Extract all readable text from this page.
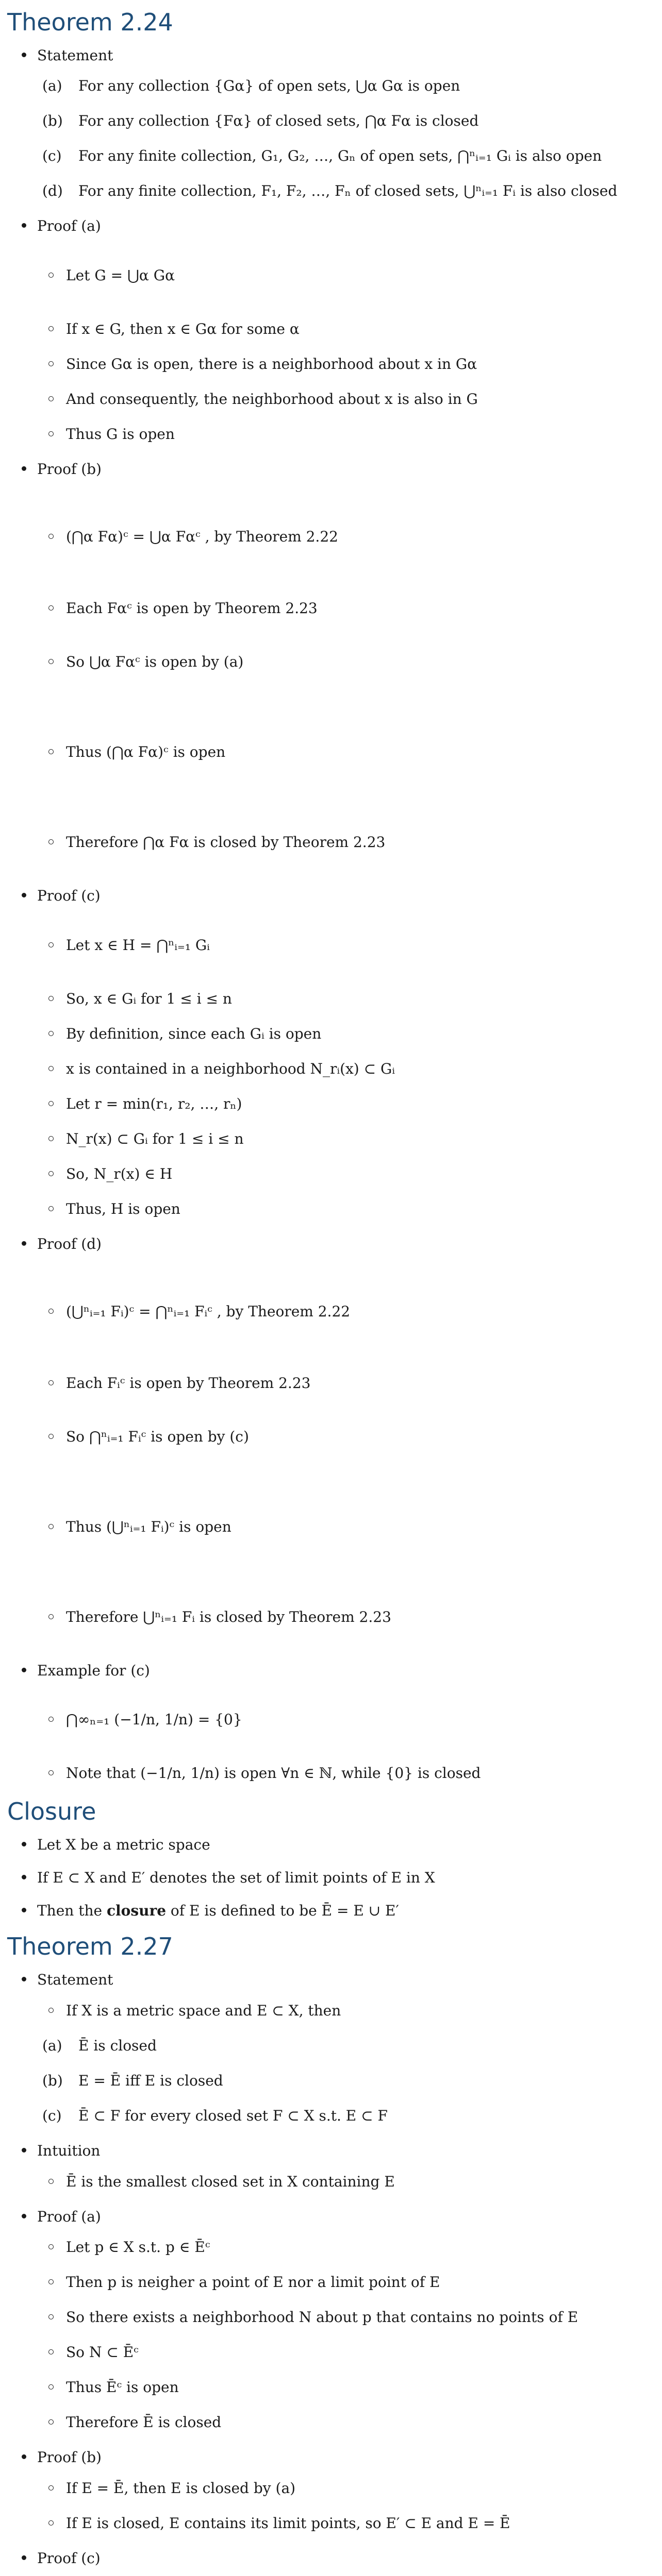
Theorem 2.24
Statement
(a) For any collection {Gα} of open sets, ⋃α Gα is open
(b) For any collection {Fα} of closed sets, ⋂α Fα is closed
(c) For any finite collection, G₁, G₂, …, Gₙ of open sets, ⋂ⁿᵢ₌₁ Gᵢ is also open
(d) For any finite collection, F₁, F₂, …, Fₙ of closed sets, ⋃ⁿᵢ₌₁ Fᵢ is also closed
Proof (a)
Let G = ⋃α Gα
If x ∈ G, then x ∈ Gα for some α
Since Gα is open, there is a neighborhood about x in Gα
And consequently, the neighborhood about x is also in G
Thus G is open
Proof (b)
(⋂α Fα)ᶜ = ⋃α Fαᶜ , by Theorem 2.22
Each Fαᶜ is open by Theorem 2.23
So ⋃α Fαᶜ is open by (a)
Thus (⋂α Fα)ᶜ is open
Therefore ⋂α Fα is closed by Theorem 2.23
Proof (c)
Let x ∈ H = ⋂ⁿᵢ₌₁ Gᵢ
So, x ∈ Gᵢ for 1 ≤ i ≤ n
By definition, since each Gᵢ is open
x is contained in a neighborhood N_rᵢ(x) ⊂ Gᵢ
Let r = min(r₁, r₂, …, rₙ)
N_r(x) ⊂ Gᵢ for 1 ≤ i ≤ n
So, N_r(x) ∈ H
Thus, H is open
Proof (d)
(⋃ⁿᵢ₌₁ Fᵢ)ᶜ = ⋂ⁿᵢ₌₁ Fᵢᶜ , by Theorem 2.22
Each Fᵢᶜ is open by Theorem 2.23
So ⋂ⁿᵢ₌₁ Fᵢᶜ is open by (c)
Thus (⋃ⁿᵢ₌₁ Fᵢ)ᶜ is open
Therefore ⋃ⁿᵢ₌₁ Fᵢ is closed by Theorem 2.23
Example for (c)
⋂∞ₙ₌₁ (−1/n, 1/n) = {0}
Note that (−1/n, 1/n) is open ∀n ∈ ℕ, while {0} is closed
Closure
Let X be a metric space
If E ⊂ X and E′ denotes the set of limit points of E in X
Then the closure of E is defined to be Ē = E ∪ E′
Theorem 2.27
Statement
If X is a metric space and E ⊂ X, then
(a) Ē is closed
(b) E = Ē iff E is closed
(c) Ē ⊂ F for every closed set F ⊂ X s.t. E ⊂ F
Intuition
Ē is the smallest closed set in X containing E
Proof (a)
Let p ∈ X s.t. p ∈ Ēᶜ
Then p is neigher a point of E nor a limit point of E
So there exists a neighborhood N about p that contains no points of E
So N ⊂ Ēᶜ
Thus Ēᶜ is open
Therefore Ē is closed
Proof (b)
If E = Ē, then E is closed by (a)
If E is closed, E contains its limit points, so E′ ⊂ E and E = Ē
Proof (c)
